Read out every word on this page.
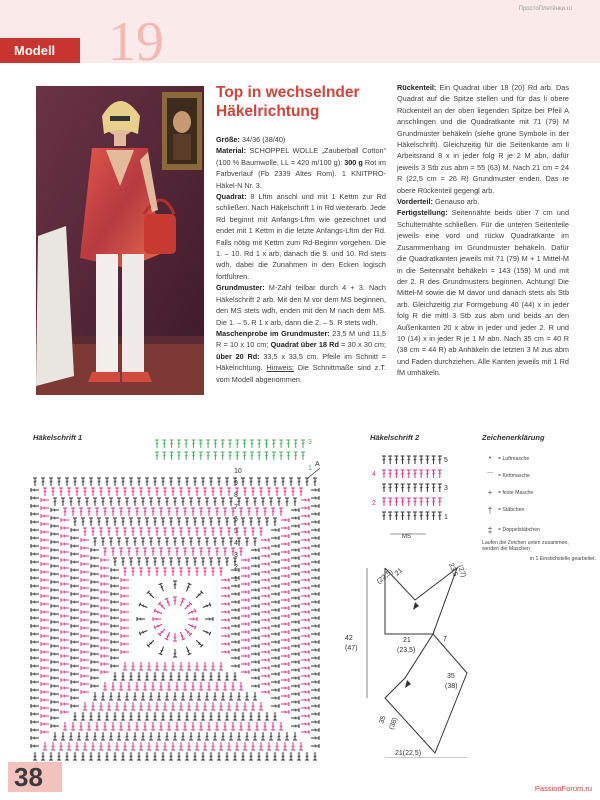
Modell 19
ПростоПлетёнки.ru
Top in wechselnder Häkelrichtung

Größe: 34/36 (38/40)

Material: SCHOPPEL WOLLE „Zauberball Cotton“ (100 % Baumwolle, LL = 420 m/100 g): 300 g Rot im Farbverlauf (Fb 2339 Altes Rom). 1 KNITPRO-Häkel-N Nr. 3.

Quadrat: 8 Lftm anschl und mit 1 Kettm zur Rd schließen. Nach Häkelschrift 1 in Rd weiterarb. Jede Rd beginnt mit Anfangs-Lftm wie gezeichnet und endet mit 1 Kettm in die letzte Anfangs-Lftm der Rd. Falls nötig mit Kettm zum Rd-Beginn vorgehen. Die 1. – 10. Rd 1 x arb, danach die 9. und 10. Rd stets wdh, dabei die Zunahmen in den Ecken logisch fortführen.

Grundmuster: M-Zahl teilbar durch 4 + 3. Nach Häkelschrift 2 arb. Mit den M vor dem MS beginnen, den MS stets wdh, enden mit den M nach dem MS. Die 1. – 5. R 1 x arb, dann die 2. – 5. R stets wdh.

Maschenprobe im Grundmuster: 23,5 M und 11,5 R = 10 x 10 cm; Quadrat über 18 Rd = 30 x 30 cm; über 20 Rd: 33,5 x 33,5 cm. Pfeile im Schnitt = Häkelrichtung. Hinweis: Die Schnittmaße sind z.T. vom Modell abgenommen.

Rückenteil: Ein Quadrat über 18 (20) Rd arb. Das Quadrat auf die Spitze stellen und für das li obere Rückenteil an der oben liegenden Spitze bei Pfeil A anschlingen und die Quadratkante mit 71 (79) M Grundmuster behäkeln (siehe grüne Symbole in der Häkelschrift). Gleichzeitig für die Seitenkante am li Arbeitsrand 8 x in jeder folg R je 2 M abn, dafür jeweils 3 Stb zus abm = 55 (63) M. Nach 21 cm = 24 R (22,5 cm = 26 R) Grundmuster enden. Das re obere Rückenteil gegengl arb.

Vorderteil: Genauso arb.

Fertigstellung: Seitennähte beids über 7 cm und Schulternähte schließen. Für die unteren Seitenteile jeweils eine vord und rückw Quadratkante im Zusammenhang im Grundmuster behäkeln. Dafür die Quadratkanten jeweils mit 71 (79) M + 1 Mittel-M in die Seitennaht behäkeln = 143 (159) M und mit der 2. R des Grundmusters beginnen. Achtung! Die Mittel-M sowie die M davor und danach stets als Stb arb. Gleichzeitig zur Formgebung 40 (44) x in jeder folg R die mittl 3 Stb zus abm und beids an den Außenkanten 20 x abw in jeder und jeder 2. R und 10 (14) x in jeder R je 1 M abn. Nach 35 cm = 40 R (38 cm = 44 R) ab Anhäkeln die letzten 3 M zus abm und Faden durchziehen. Alle Kanten jeweils mit 1 Rd fM umhäkeln.

Häkelschrift 1	Häkelschrift 2	Zeichenerklärung
10
9
8
7
6
5
4
3
2
1
3
1
A
5
4
3
2
1
MS
•	= Luftmasche
⌒ = Kettmasche
+	= feste Masche
†	= Stäbchen
‡	= Doppelstäbchen
Laufen die Zeichen unten zusammen, werden die Maschen
in 1 Einstichstelle gearbeitet.
21
(22,5)	23,5
(27)
42
(47)
21
(23,5)
7
35
(38)
35 (38)
21(22,5)
38	PassionForum.ru
